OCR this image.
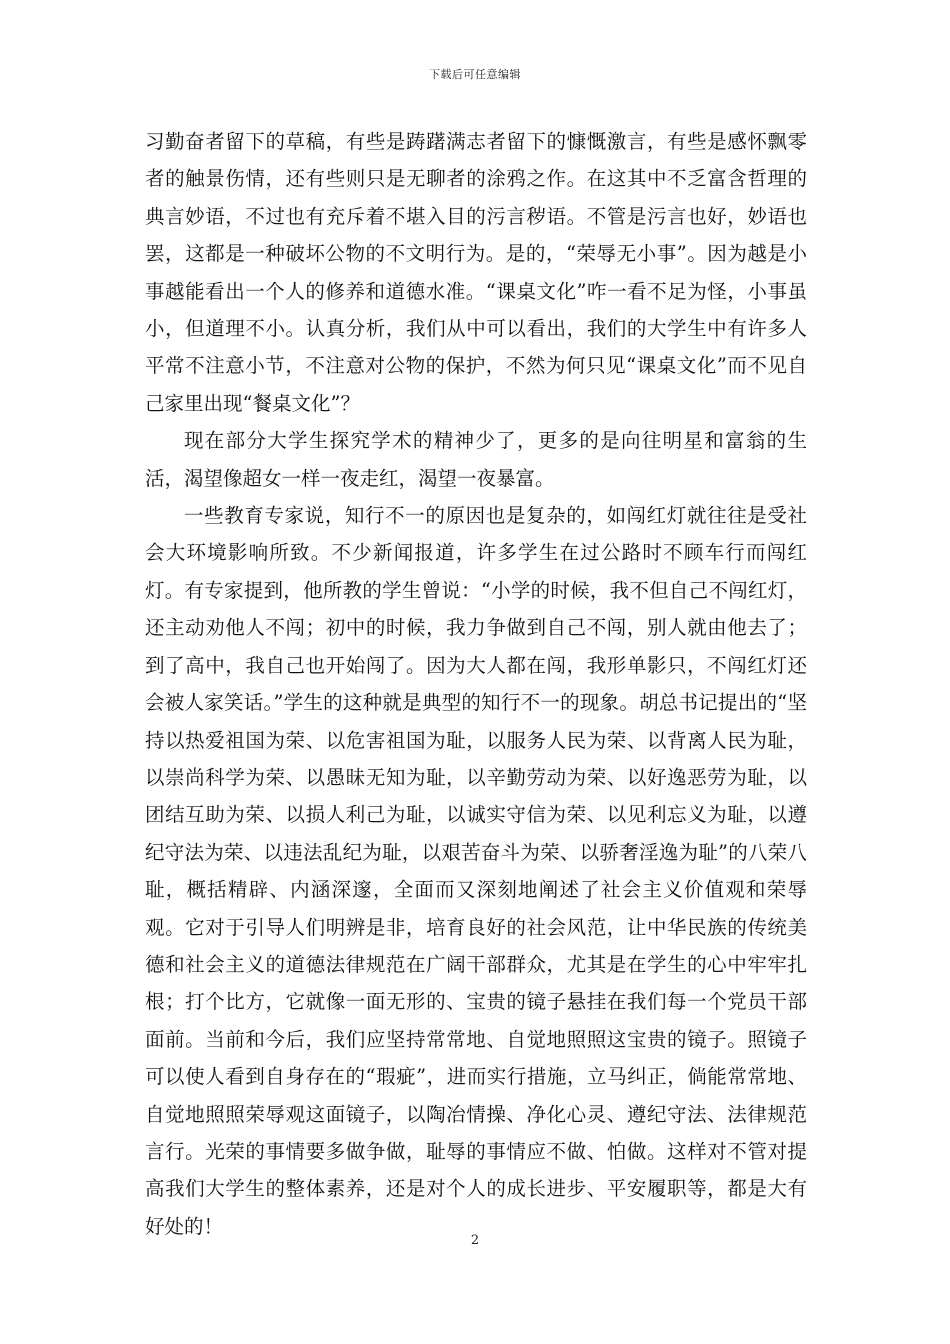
下载后可任意编辑

习勤奋者留下的草稿，有些是踌躇满志者留下的慷慨激言，有些是感怀飘零者的触景伤情，还有些则只是无聊者的涂鸦之作。在这其中不乏富含哲理的典言妙语，不过也有充斥着不堪入目的污言秽语。不管是污言也好，妙语也罢，这都是一种破坏公物的不文明行为。是的，“荣辱无小事”。因为越是小事越能看出一个人的修养和道德水准。“课桌文化”咋一看不足为怪，小事虽小，但道理不小。认真分析，我们从中可以看出，我们的大学生中有许多人平常不注意小节，不注意对公物的保护，不然为何只见“课桌文化”而不见自己家里出现“餐桌文化”？

现在部分大学生探究学术的精神少了，更多的是向往明星和富翁的生活，渴望像超女一样一夜走红，渴望一夜暴富。

一些教育专家说，知行不一的原因也是复杂的，如闯红灯就往往是受社会大环境影响所致。不少新闻报道，许多学生在过公路时不顾车行而闯红灯。有专家提到，他所教的学生曾说：“小学的时候，我不但自己不闯红灯，还主动劝他人不闯；初中的时候，我力争做到自己不闯，别人就由他去了；到了高中，我自己也开始闯了。因为大人都在闯，我形单影只，不闯红灯还会被人家笑话。”学生的这种就是典型的知行不一的现象。胡总书记提出的“坚持以热爱祖国为荣、以危害祖国为耻，以服务人民为荣、以背离人民为耻，以崇尚科学为荣、以愚昧无知为耻，以辛勤劳动为荣、以好逸恶劳为耻，以团结互助为荣、以损人利己为耻，以诚实守信为荣、以见利忘义为耻，以遵纪守法为荣、以违法乱纪为耻，以艰苦奋斗为荣、以骄奢淫逸为耻”的八荣八耻，概括精辟、内涵深邃，全面而又深刻地阐述了社会主义价值观和荣辱观。它对于引导人们明辨是非，培育良好的社会风范，让中华民族的传统美德和社会主义的道德法律规范在广阔干部群众，尤其是在学生的心中牢牢扎根；打个比方，它就像一面无形的、宝贵的镜子悬挂在我们每一个党员干部面前。当前和今后，我们应坚持常常地、自觉地照照这宝贵的镜子。照镜子可以使人看到自身存在的“瑕疵”，进而实行措施，立马纠正，倘能常常地、自觉地照照荣辱观这面镜子，以陶冶情操、净化心灵、遵纪守法、法律规范言行。光荣的事情要多做争做，耻辱的事情应不做、怕做。这样对不管对提高我们大学生的整体素养，还是对个人的成长进步、平安履职等，都是大有好处的！

2
